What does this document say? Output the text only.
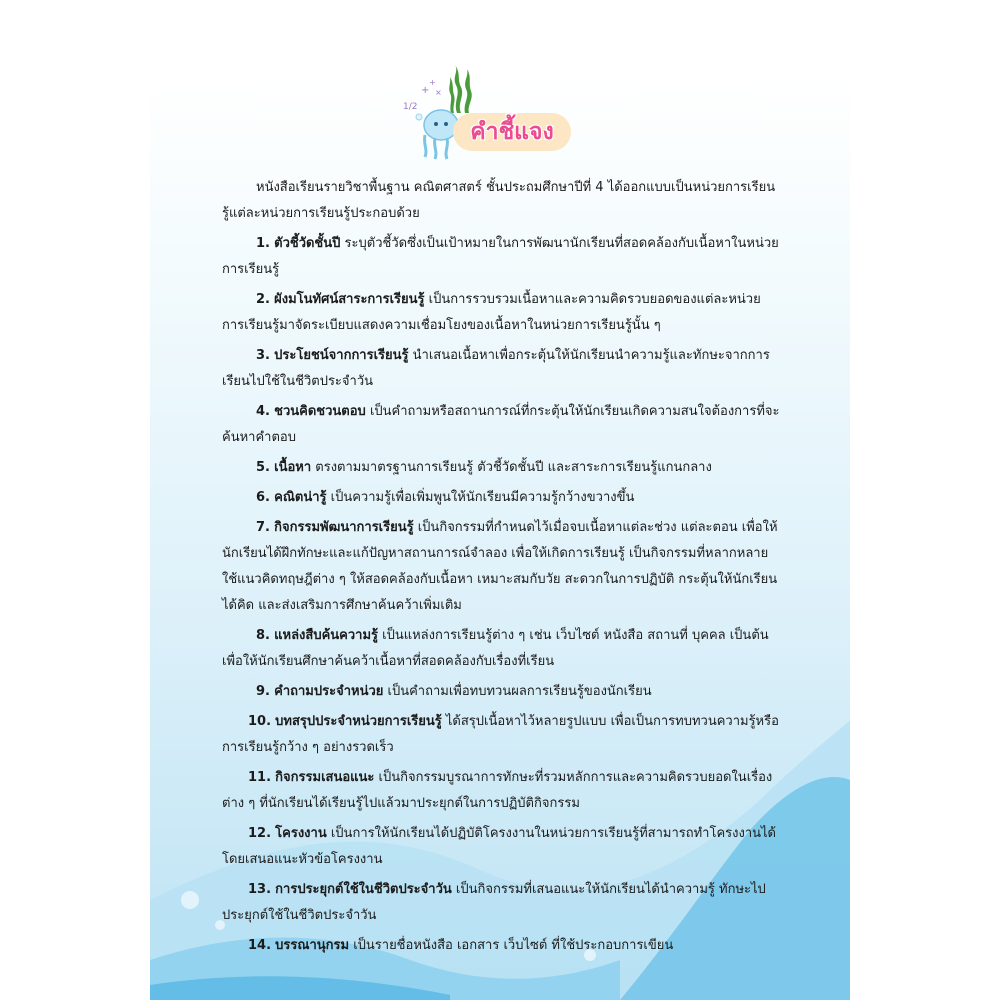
1/2
+
+
×
คำชี้แจง

หนังสือเรียนรายวิชาพื้นฐาน คณิตศาสตร์ ชั้นประถมศึกษาปีที่ 4 ได้ออกแบบเป็นหน่วยการเรียนรู้แต่ละหน่วยการเรียนรู้ประกอบด้วย

1. ตัวชี้วัดชั้นปี ระบุตัวชี้วัดซึ่งเป็นเป้าหมายในการพัฒนานักเรียนที่สอดคล้องกับเนื้อหาในหน่วยการเรียนรู้

2. ผังมโนทัศน์สาระการเรียนรู้ เป็นการรวบรวมเนื้อหาและความคิดรวบยอดของแต่ละหน่วยการเรียนรู้มาจัดระเบียบแสดงความเชื่อมโยงของเนื้อหาในหน่วยการเรียนรู้นั้น ๆ

3. ประโยชน์จากการเรียนรู้ นำเสนอเนื้อหาเพื่อกระตุ้นให้นักเรียนนำความรู้และทักษะจากการเรียนไปใช้ในชีวิตประจำวัน

4. ชวนคิดชวนตอบ เป็นคำถามหรือสถานการณ์ที่กระตุ้นให้นักเรียนเกิดความสนใจต้องการที่จะค้นหาคำตอบ

5. เนื้อหา ตรงตามมาตรฐานการเรียนรู้ ตัวชี้วัดชั้นปี และสาระการเรียนรู้แกนกลาง

6. คณิตน่ารู้ เป็นความรู้เพื่อเพิ่มพูนให้นักเรียนมีความรู้กว้างขวางขึ้น

7. กิจกรรมพัฒนาการเรียนรู้ เป็นกิจกรรมที่กำหนดไว้เมื่อจบเนื้อหาแต่ละช่วง แต่ละตอน เพื่อให้นักเรียนได้ฝึกทักษะและแก้ปัญหาสถานการณ์จำลอง เพื่อให้เกิดการเรียนรู้ เป็นกิจกรรมที่หลากหลาย ใช้แนวคิดทฤษฎีต่าง ๆ ให้สอดคล้องกับเนื้อหา เหมาะสมกับวัย สะดวกในการปฏิบัติ กระตุ้นให้นักเรียนได้คิด และส่งเสริมการศึกษาค้นคว้าเพิ่มเติม

8. แหล่งสืบค้นความรู้ เป็นแหล่งการเรียนรู้ต่าง ๆ เช่น เว็บไซต์ หนังสือ สถานที่ บุคคล เป็นต้น เพื่อให้นักเรียนศึกษาค้นคว้าเนื้อหาที่สอดคล้องกับเรื่องที่เรียน

9. คำถามประจำหน่วย เป็นคำถามเพื่อทบทวนผลการเรียนรู้ของนักเรียน

10. บทสรุปประจำหน่วยการเรียนรู้ ได้สรุปเนื้อหาไว้หลายรูปแบบ เพื่อเป็นการทบทวนความรู้หรือการเรียนรู้กว้าง ๆ อย่างรวดเร็ว

11. กิจกรรมเสนอแนะ เป็นกิจกรรมบูรณาการทักษะที่รวมหลักการและความคิดรวบยอดในเรื่องต่าง ๆ ที่นักเรียนได้เรียนรู้ไปแล้วมาประยุกต์ในการปฏิบัติกิจกรรม

12. โครงงาน เป็นการให้นักเรียนได้ปฏิบัติโครงงานในหน่วยการเรียนรู้ที่สามารถทำโครงงานได้ โดยเสนอแนะหัวข้อโครงงาน

13. การประยุกต์ใช้ในชีวิตประจำวัน เป็นกิจกรรมที่เสนอแนะให้นักเรียนได้นำความรู้ ทักษะไปประยุกต์ใช้ในชีวิตประจำวัน

14. บรรณานุกรม เป็นรายชื่อหนังสือ เอกสาร เว็บไซต์ ที่ใช้ประกอบการเขียน
